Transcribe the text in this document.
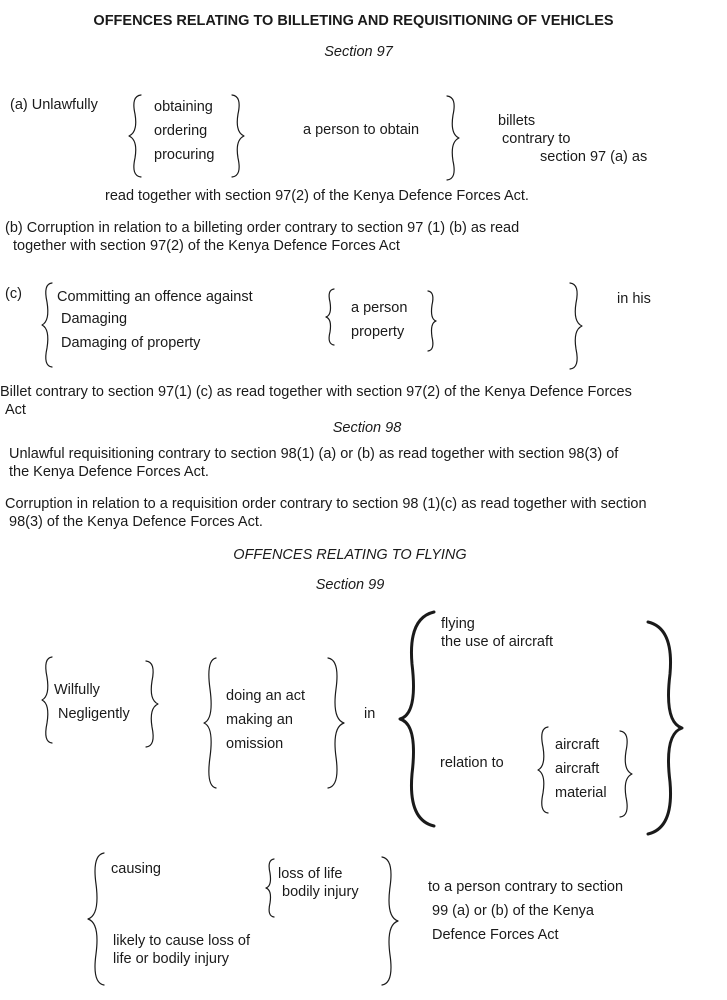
OFFENCES RELATING TO BILLETING AND REQUISITIONING OF VEHICLES
Section 97
(a) Unlawfully	obtaining
ordering
procuring
a person to obtain
billets
contrary to
section 97 (a) as
read together with section 97(2) of the Kenya Defence Forces Act.
(b) Corruption in relation to a billeting order contrary to section 97 (1) (b) as read
together with section 97(2) of the Kenya Defence Forces Act
(c) Committing an offence against
Damaging
Damaging of property
a person
property
in his
Billet contrary to section 97(1) (c) as read together with section 97(2) of the Kenya Defence Forces
Act
Section 98
Unlawful requisitioning contrary to section 98(1) (a) or (b) as read together with section 98(3) of
the Kenya Defence Forces Act.
Corruption in relation to a requisition order contrary to section 98 (1)(c) as read together with section
98(3) of the Kenya Defence Forces Act.
OFFENCES RELATING TO FLYING
Section 99
Wilfully
Negligently
doing an act
making an
omission
in
flying
the use of aircraft
relation to
aircraft
aircraft
material
causing	loss of life
bodily injury
likely to cause loss of
life or bodily injury
to a person contrary to section
99 (a) or (b) of the Kenya
Defence Forces Act
